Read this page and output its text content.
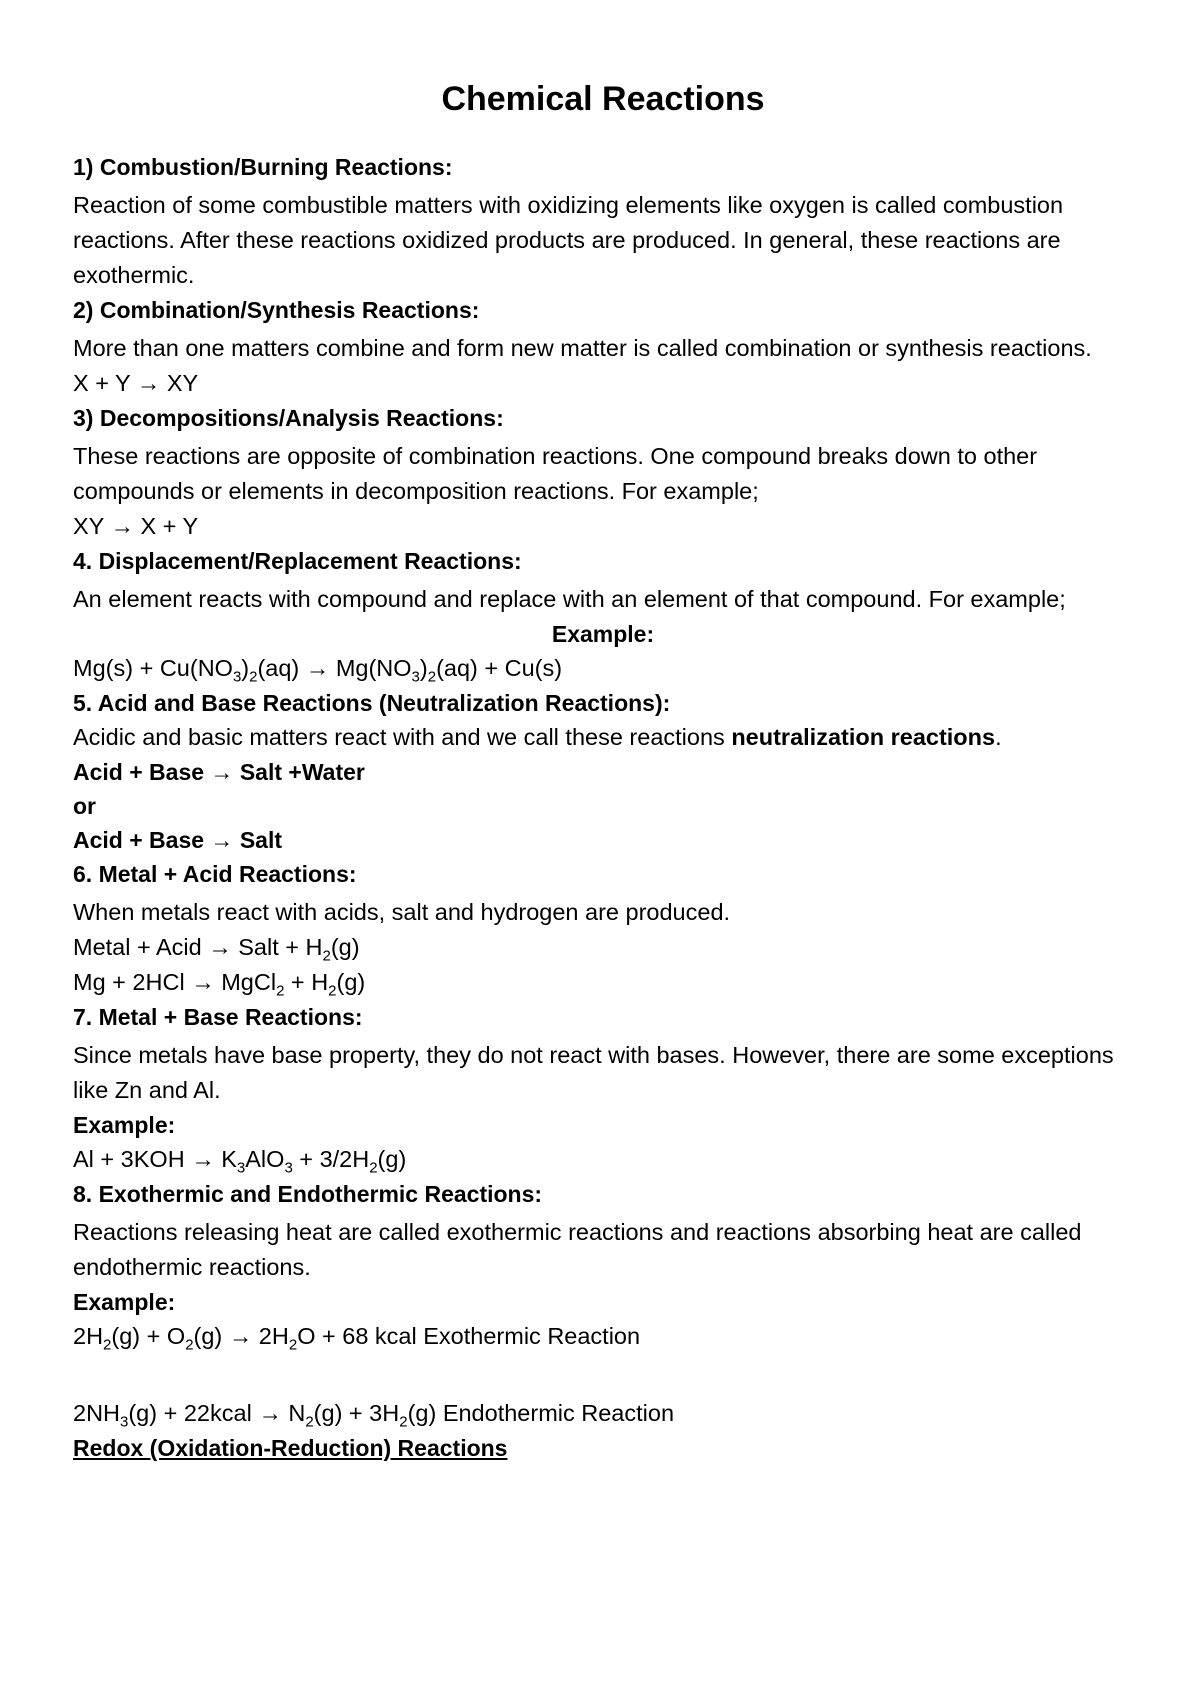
Chemical Reactions

1) Combustion/Burning Reactions:

Reaction of some combustible matters with oxidizing elements like oxygen is called combustion reactions. After these reactions oxidized products are produced. In general, these reactions are exothermic.

2) Combination/Synthesis Reactions:

More than one matters combine and form new matter is called combination or synthesis reactions.

X + Y → XY

3) Decompositions/Analysis Reactions:

These reactions are opposite of combination reactions. One compound breaks down to other compounds or elements in decomposition reactions. For example;

XY → X + Y

4. Displacement/Replacement Reactions:

An element reacts with compound and replace with an element of that compound. For example;

Example:

$Mg(s) + Cu(NO_3)_2(aq) \to Mg(NO_3)_2(aq) + Cu(s)$

5. Acid and Base Reactions (Neutralization Reactions):

Acidic and basic matters react with and we call these reactions neutralization reactions.

Acid + Base → Salt +Water

or

Acid + Base → Salt

6. Metal + Acid Reactions:

When metals react with acids, salt and hydrogen are produced.

Metal + Acid → Salt + $H_2(g)$

Mg + 2HCl → MgCl$_2$ + $H_2(g)$

7. Metal + Base Reactions:

Since metals have base property, they do not react with bases. However, there are some exceptions like Zn and Al.

Example:

$Al + 3KOH \to K_3AlO_3 + 3/2H_2(g)$

8. Exothermic and Endothermic Reactions:

Reactions releasing heat are called exothermic reactions and reactions absorbing heat are called endothermic reactions.

Example:

$2H_2(g) + O_2(g) \to 2H_2O + 68$ kcal Exothermic Reaction

$2NH_3(g)$ + 22kcal → $N_2(g) + 3H_2(g)$ Endothermic Reaction

Redox (Oxidation-Reduction) Reactions
